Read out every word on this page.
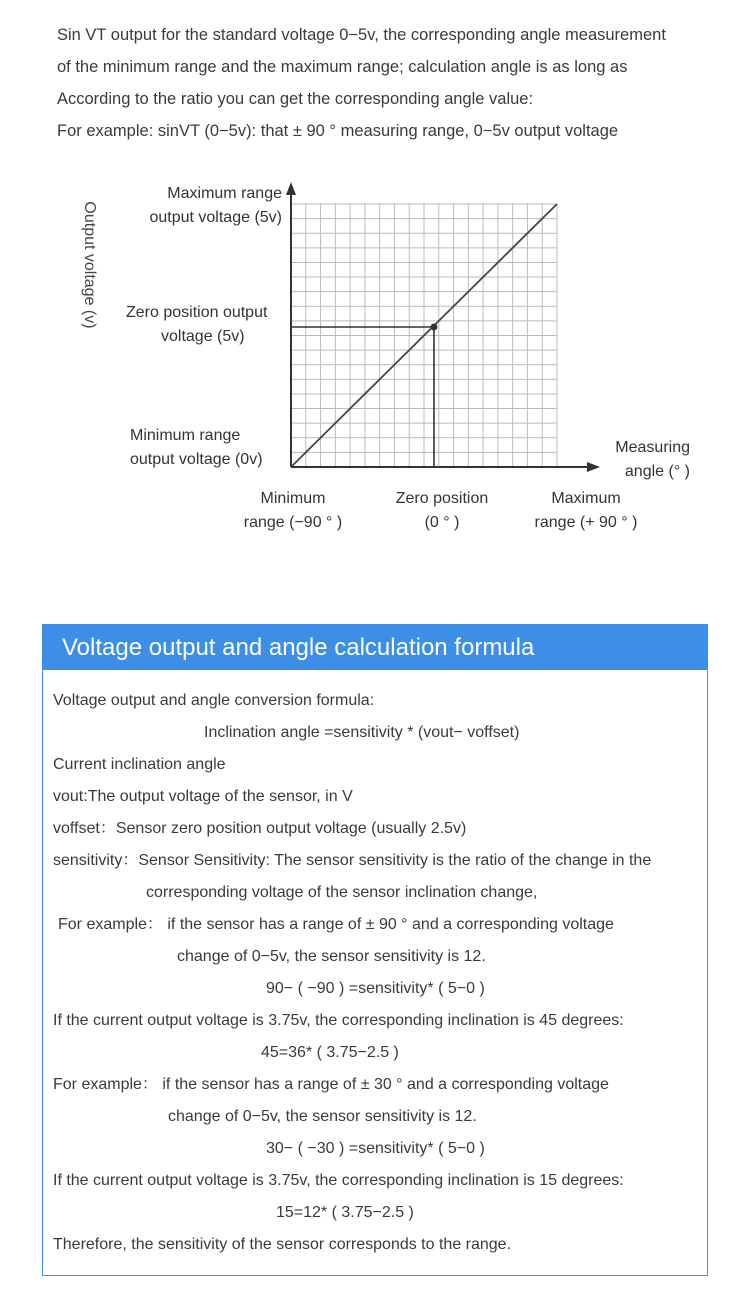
Sin VT output for the standard voltage 0−5v, the corresponding angle measurement
of the minimum range and the maximum range; calculation angle is as long as
According to the ratio you can get the corresponding angle value:
For example: sinVT (0−5v): that ± 90 ° measuring range, 0−5v output voltage
Output voltage (v)
Maximum range
output voltage (5v)
Zero position output
voltage (5v)
Minimum range
output voltage (0v)
Measuring
angle (° )
Minimum
range (−90 ° )
Zero position
(0 ° )
Maximum
range (+ 90 ° )
Voltage output and angle calculation formula
Voltage output and angle conversion formula:
Inclination angle =sensitivity * (vout− voffset)
Current inclination angle
vout:The output voltage of the sensor, in V
voffset：Sensor zero position output voltage (usually 2.5v)
sensitivity：Sensor Sensitivity: The sensor sensitivity is the ratio of the change in the
corresponding voltage of the sensor inclination change,
For example： if the sensor has a range of ± 90 ° and a corresponding voltage
change of 0−5v, the sensor sensitivity is 12.
90− ( −90 ) =sensitivity* ( 5−0 )
If the current output voltage is 3.75v, the corresponding inclination is 45 degrees:
45=36* ( 3.75−2.5 )
For example： if the sensor has a range of ± 30 ° and a corresponding voltage
change of 0−5v, the sensor sensitivity is 12.
30− ( −30 ) =sensitivity* ( 5−0 )
If the current output voltage is 3.75v, the corresponding inclination is 15 degrees:
15=12* ( 3.75−2.5 )
Therefore, the sensitivity of the sensor corresponds to the range.
